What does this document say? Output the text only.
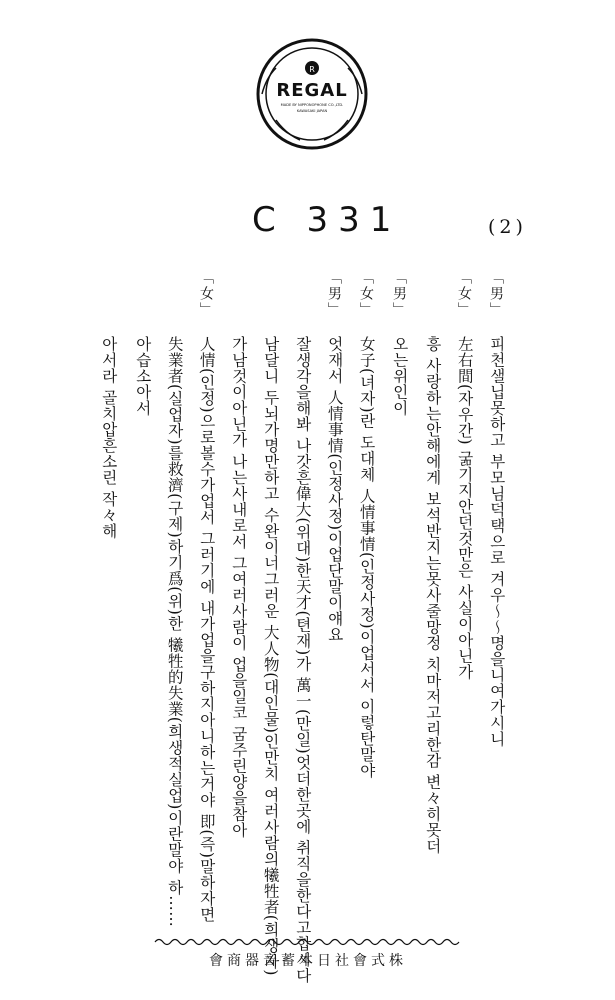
R
REGAL
MADE BY NIPPONOPHONE CO.,LTD.
KAWASAKI JAPAN
C 331	(2)
「男」
피천샐닙못하고 부모님덕택으로 겨우〜〜명을니여가시니
「女」
左右間(자우간) 굶기지안던것만은 사실이아닌가
흥 사랑하는안해에게 보석반지는못사줄망정 치마저고리한감 변々히못더
「男」
오는위인이
「女」
女子(녀자)란 도대체 人情事情(인정사정)이업서서 이렇탄말야
「男」
엇재서 人情事情(인정사정)이업단말이얘요
잘생각을해봐 나갓흔偉大(위대)한天才(텬재)가 萬一(만일)엇더한곳에 취직을한다고합시다
남달니 두뇌가명만하고 수완이너그러운 大人物(대인물)인만치 여러사람의犧牲者(희생자)
가남것이아닌가 나는사내로서 그여러사람이 업을일코 굼주린양을참아
「女」
人情(인정)으로볼수가업서 그러기에 내가업을구하지아니하는거야 即(즉)말하자면
失業者(실업자)를救濟(구제)하기爲(위)한 犧牲的失業(희생적실업)이란말야 하……
아습소아서
아서라 골치압흔소린 작々해
株式會社日本蓄音器商會
